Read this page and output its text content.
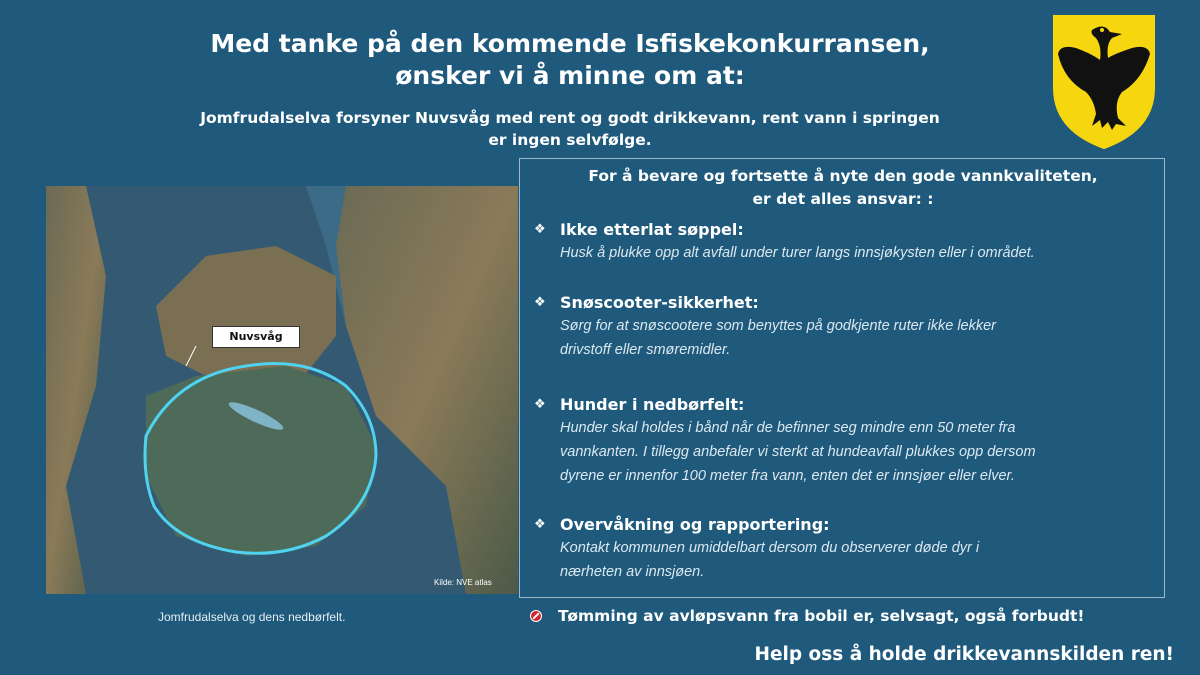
Med tanke på den kommende Isfiskekonkurransen,
ønsker vi å minne om at:
Jomfrudalselva forsyner Nuvsvåg med rent og godt drikkevann, rent vann i springen
er ingen selvfølge.
Nuvsvåg
Kilde: NVE atlas
Jomfrudalselva og dens nedbørfelt.
For å bevare og fortsette å nyte den gode vannkvaliteten,
er det alles ansvar: :
❖ Ikke etterlat søppel:
Husk å plukke opp alt avfall under turer langs innsjøkysten eller i området.
❖ Snøscooter-sikkerhet:
Sørg for at snøscootere som benyttes på godkjente ruter ikke lekker
drivstoff eller smøremidler.
❖ Hunder i nedbørfelt:
Hunder skal holdes i bånd når de befinner seg mindre enn 50 meter fra
vannkanten. I tillegg anbefaler vi sterkt at hundeavfall plukkes opp dersom
dyrene er innenfor 100 meter fra vann, enten det er innsjøer eller elver.
❖ Overvåkning og rapportering:
Kontakt kommunen umiddelbart dersom du observerer døde dyr i
nærheten av innsjøen.
Tømming av avløpsvann fra bobil er, selvsagt, også forbudt!
Help oss å holde drikkevannskilden ren!
